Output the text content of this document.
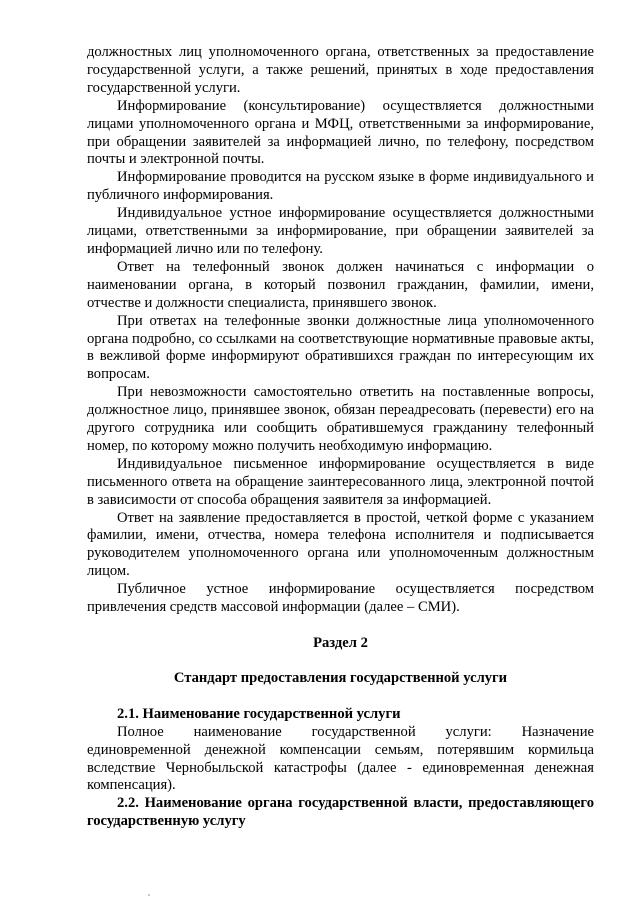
должностных лиц уполномоченного органа, ответственных за предоставление государственной услуги, а также решений, принятых в ходе предоставления государственной услуги.

Информирование (консультирование) осуществляется должностными лицами уполномоченного органа и МФЦ, ответственными за информирование, при обращении заявителей за информацией лично, по телефону, посредством почты и электронной почты.

Информирование проводится на русском языке в форме индивидуального и публичного информирования.

Индивидуальное устное информирование осуществляется должностными лицами, ответственными за информирование, при обращении заявителей за информацией лично или по телефону.

Ответ на телефонный звонок должен начинаться с информации о наименовании органа, в который позвонил гражданин, фамилии, имени, отчестве и должности специалиста, принявшего звонок.

При ответах на телефонные звонки должностные лица уполномоченного органа подробно, со ссылками на соответствующие нормативные правовые акты, в вежливой форме информируют обратившихся граждан по интересующим их вопросам.

При невозможности самостоятельно ответить на поставленные вопросы, должностное лицо, принявшее звонок, обязан переадресовать (перевести) его на другого сотрудника или сообщить обратившемуся гражданину телефонный номер, по которому можно получить необходимую информацию.

Индивидуальное письменное информирование осуществляется в виде письменного ответа на обращение заинтересованного лица, электронной почтой в зависимости от способа обращения заявителя за информацией.

Ответ на заявление предоставляется в простой, четкой форме с указанием фамилии, имени, отчества, номера телефона исполнителя и подписывается руководителем уполномоченного органа или уполномоченным должностным лицом.

Публичное устное информирование осуществляется посредством привлечения средств массовой информации (далее – СМИ).

Раздел 2

Стандарт предоставления государственной услуги

2.1. Наименование государственной услуги

Полное наименование государственной услуги: Назначение единовременной денежной компенсации семьям, потерявшим кормильца вследствие Чернобыльской катастрофы (далее - единовременная денежная компенсация).

2.2. Наименование органа государственной власти, предоставляющего государственную услугу
